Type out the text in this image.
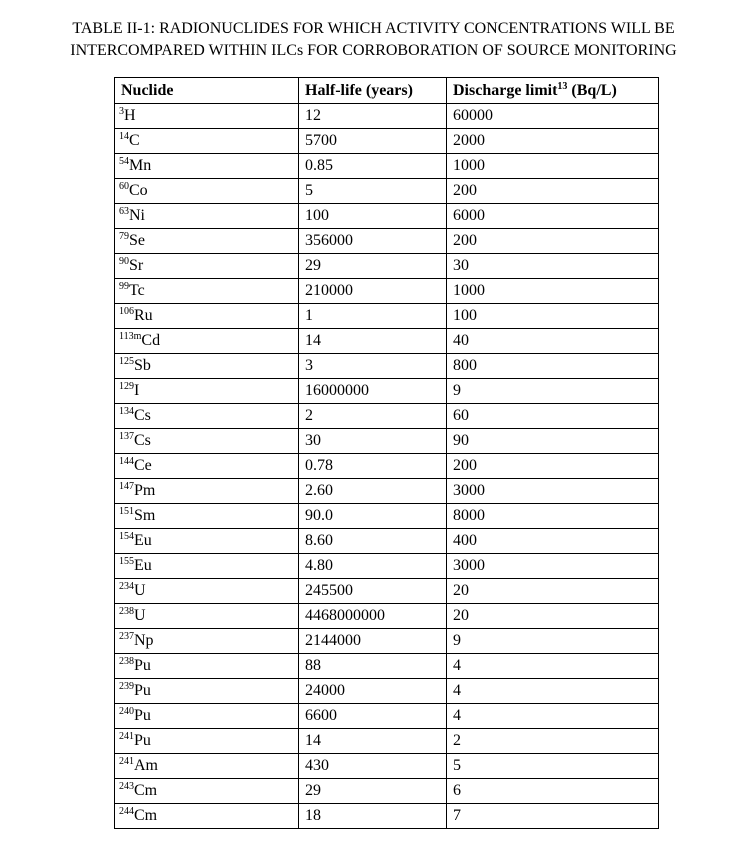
TABLE II-1: RADIONUCLIDES FOR WHICH ACTIVITY CONCENTRATIONS WILL BE
INTERCOMPARED WITHIN ILCs FOR CORROBORATION OF SOURCE MONITORING
Nuclide	Half-life (years)	Discharge limit$^{13}$ (Bq/L)
$^3$H	12	60000
$^{14}$C	5700	2000
$^{54}$Mn	0.85	1000
$^{60}$Co	5	200
$^{63}$Ni	100	6000
$^{79}$Se	356000	200
$^{90}$Sr	29	30
$^{99}$Tc	210000	1000
$^{106}$Ru	1	100
$^{113m}$Cd	14	40
$^{125}$Sb	3	800
$^{129}$I	16000000	9
$^{134}$Cs	2	60
$^{137}$Cs	30	90
$^{144}$Ce	0.78	200
$^{147}$Pm	2.60	3000
$^{151}$Sm	90.0	8000
$^{154}$Eu	8.60	400
$^{155}$Eu	4.80	3000
$^{234}$U	245500	20
$^{238}$U	4468000000	20
$^{237}$Np	2144000	9
$^{238}$Pu	88	4
$^{239}$Pu	24000	4
$^{240}$Pu	6600	4
$^{241}$Pu	14	2
$^{241}$Am	430	5
$^{243}$Cm	29	6
$^{244}$Cm	18	7
